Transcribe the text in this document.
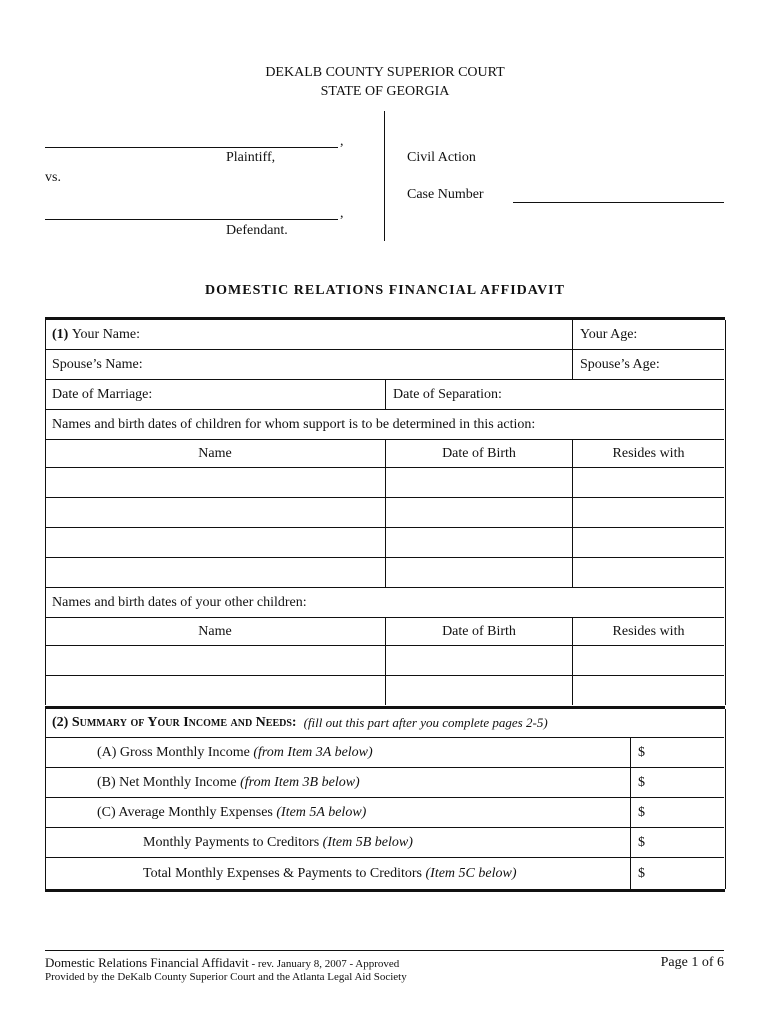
DEKALB COUNTY SUPERIOR COURT
STATE OF GEORGIA
,
Plaintiff,
vs.
,
Defendant.
Civil Action
Case Number
DOMESTIC RELATIONS FINANCIAL AFFIDAVIT
(1)
Your Name:	Your Age:
Spouse’s Name:	Spouse’s Age:
Date of Marriage:	Date of Separation:
Names and birth dates of children for whom support is to be determined in this action:
Name	Date of Birth	Resides with
Names and birth dates of your other children:
Name	Date of Birth	Resides with
(2)
Summary of Your Income and Needs:
(fill out this part after you complete pages 2-5)
(A) Gross Monthly Income
(from Item 3A below)	$
(B) Net Monthly Income
(from Item 3B below)	$
(C) Average Monthly Expenses
(Item 5A below)	$
Monthly Payments to Creditors
(Item 5B below)	$
Total Monthly Expenses & Payments to Creditors
(Item 5C below)	$
Domestic Relations Financial Affidavit - rev. January 8, 2007 - Approved
Provided by the DeKalb County Superior Court and the Atlanta Legal Aid Society
Page 1 of 6
